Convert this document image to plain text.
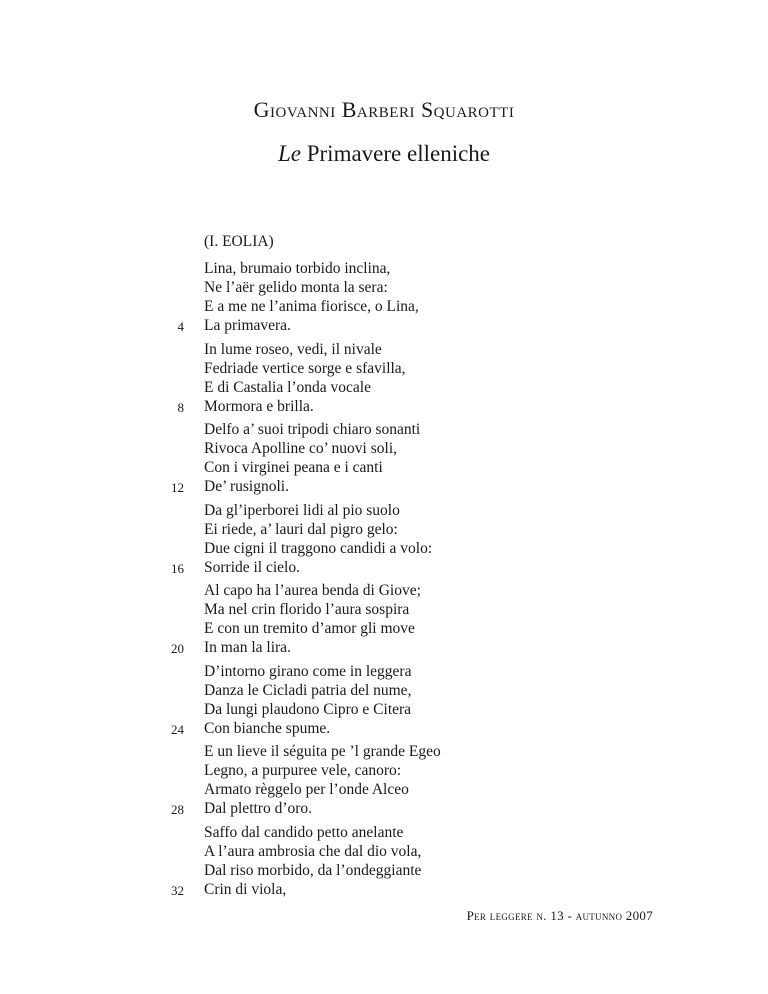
Giovanni Barberi Squarotti
Le Primavere elleniche
(I. EOLIA)
Lina, brumaio torbido inclina,
Ne l’aër gelido monta la sera:
E a me ne l’anima fiorisce, o Lina,
La primavera.
4
In lume roseo, vedi, il nivale
Fedriade vertice sorge e sfavilla,
E di Castalia l’onda vocale
Mormora e brilla.
8
Delfo a’ suoi tripodi chiaro sonanti
Rivoca Apolline co’ nuovi soli,
Con i virginei peana e i canti
De’ rusignoli.
12
Da gl’iperborei lidi al pio suolo
Ei riede, a’ lauri dal pigro gelo:
Due cigni il traggono candidi a volo:
Sorride il cielo.
16
Al capo ha l’aurea benda di Giove;
Ma nel crin florido l’aura sospira
E con un tremito d’amor gli move
In man la lira.
20
D’intorno girano come in leggera
Danza le Cicladi patria del nume,
Da lungi plaudono Cipro e Citera
Con bianche spume.
24
E un lieve il séguita pe ’l grande Egeo
Legno, a purpuree vele, canoro:
Armato règgelo per l’onde Alceo
Dal plettro d’oro.
28
Saffo dal candido petto anelante
A l’aura ambrosia che dal dio vola,
Dal riso morbido, da l’ondeggiante
Crin di viola,
32
Per leggere n. 13 - autunno 2007
